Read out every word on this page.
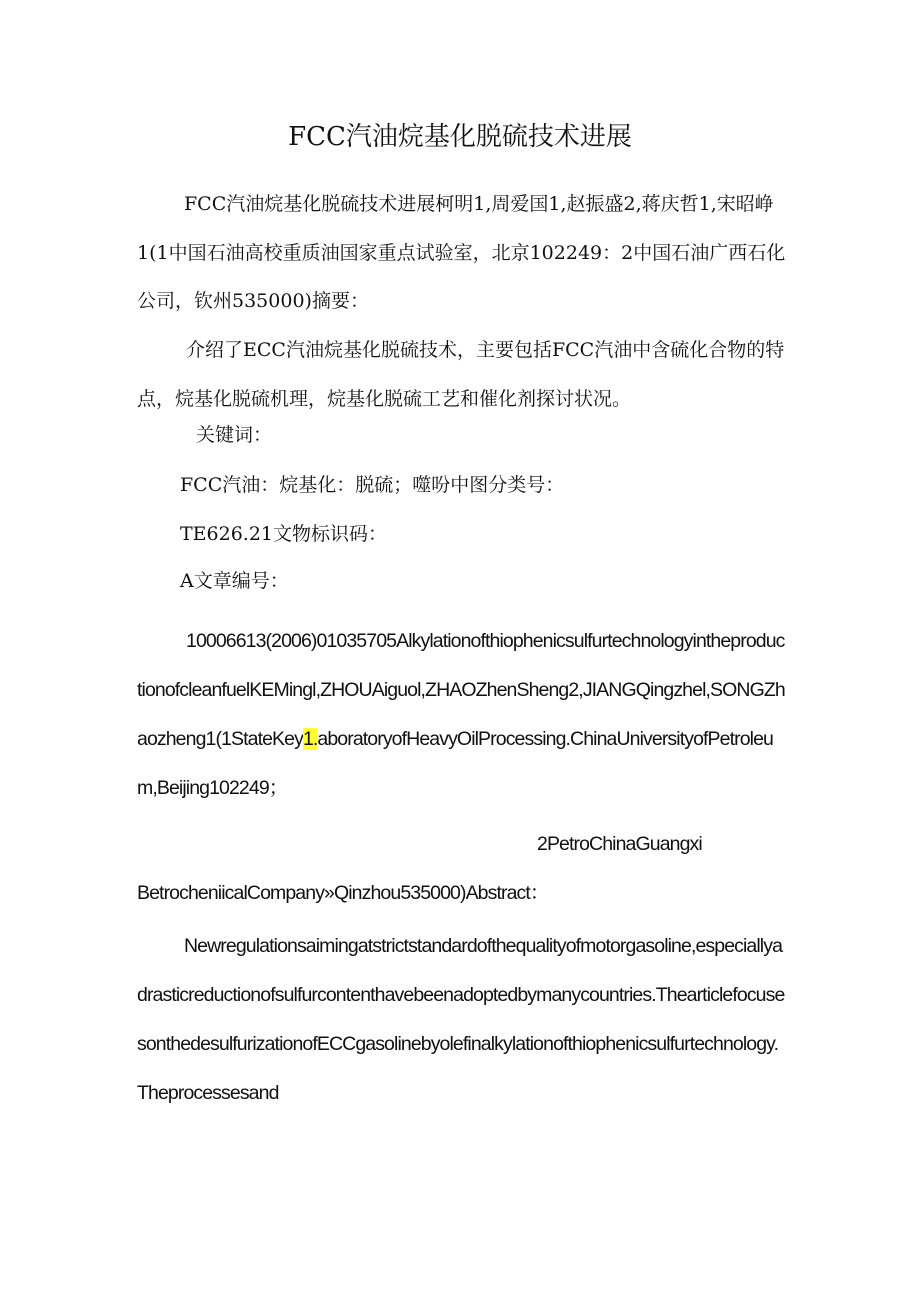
FCC汽油烷基化脱硫技术进展
FCC汽油烷基化脱硫技术进展柯明1,周爱国1,赵振盛2,蒋庆哲1,宋昭峥1(1中国石油高校重质油国家重点试验室，北京102249：2中国石油广西石化公司，钦州535000)摘要：
介绍了ECC汽油烷基化脱硫技术，主要包括FCC汽油中含硫化合物的特点，烷基化脱硫机理，烷基化脱硫工艺和催化剂探讨状况。
关键词：
FCC汽油：烷基化：脱硫；噬吩中图分类号：
TE626.21文物标识码：
A文章编号：
10006613(2006)01035705AlkylationofthiophenicsulfurtechnologyintheproductionofcleanfuelKEMingl,ZHOUAiguol,ZHAOZhenSheng2,JIANGQingzhel,SONGZhaozheng1(1StateKey1.aboratoryofHeavyOilProcessing.ChinaUniversityofPetroleum,Beijing102249；
2PetroChinaGuangxi
BetrocheniicalCompany»Qinzhou535000)Abstract：
Newregulationsaimingatstrictstandardofthequalityofmotorgasoline,especiallyadrasticreductionofsulfurcontenthavebeenadoptedbymanycountries.ThearticlefocusesonthedesulfurizationofECCgasolinebyolefinalkylationofthiophenicsulfurtechnology.Theprocessesand
